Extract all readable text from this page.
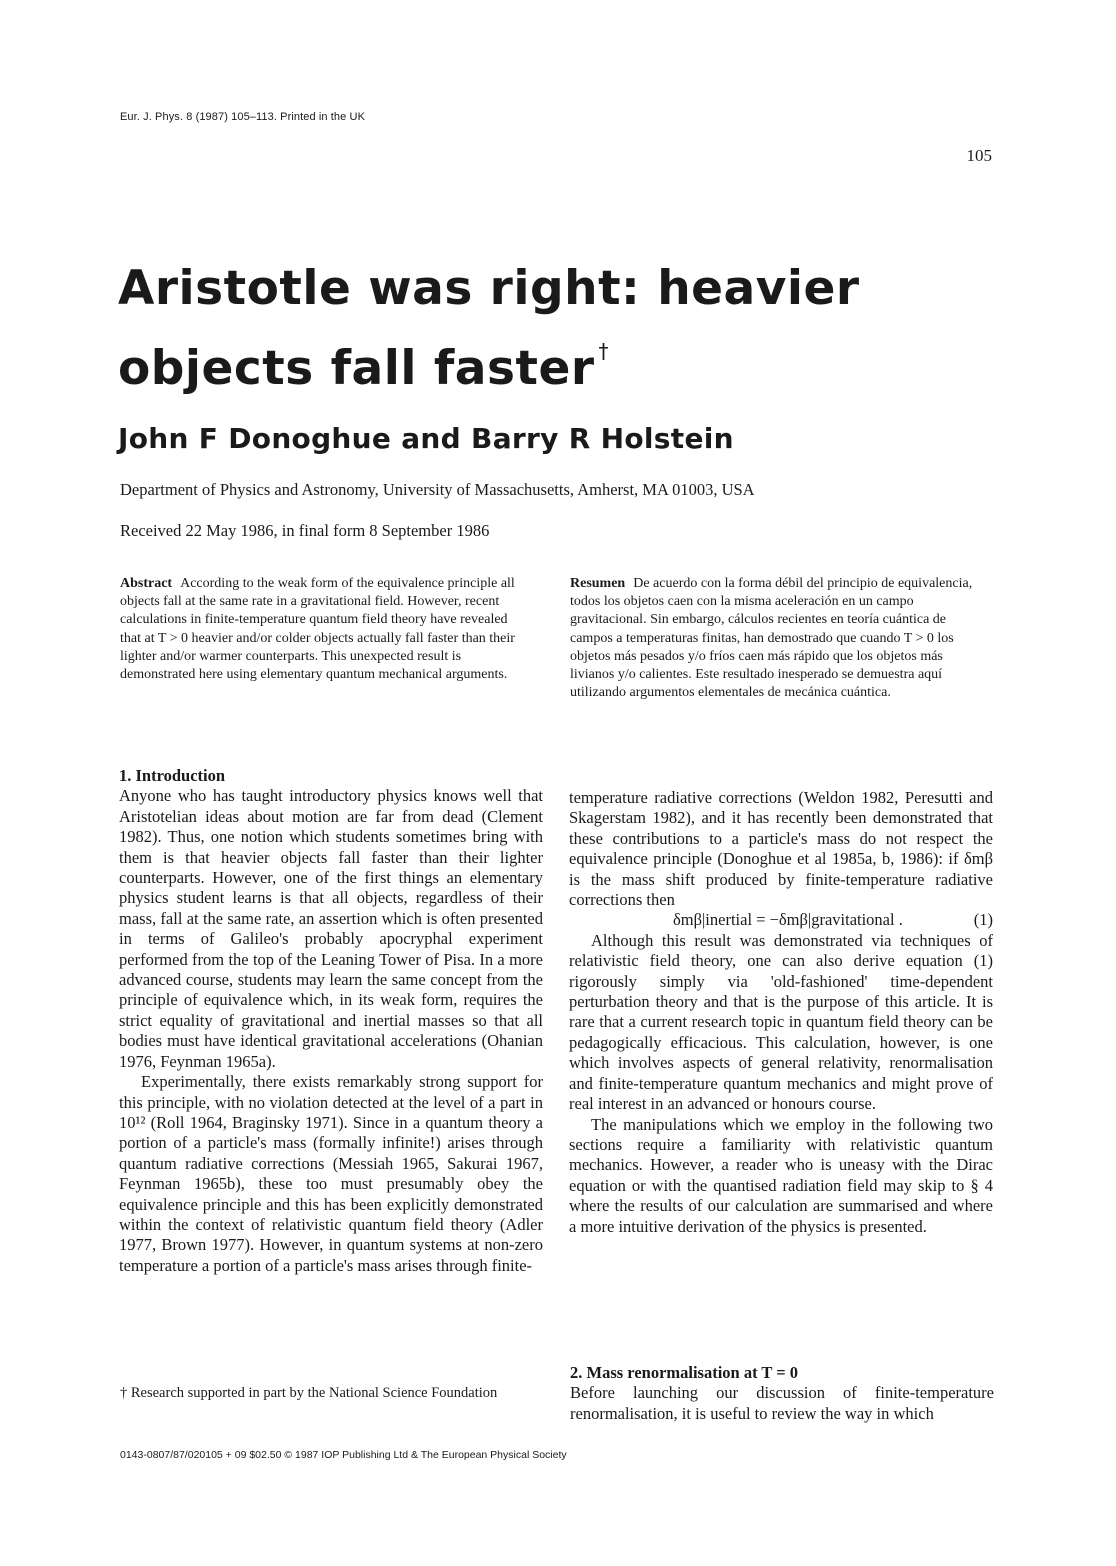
Eur. J. Phys. 8 (1987) 105–113. Printed in the UK
105
Aristotle was right: heavier objects fall faster †
John F Donoghue and Barry R Holstein
Department of Physics and Astronomy, University of Massachusetts, Amherst, MA 01003, USA
Received 22 May 1986, in final form 8 September 1986
Abstract According to the weak form of the equivalence principle all objects fall at the same rate in a gravitational field. However, recent calculations in finite-temperature quantum field theory have revealed that at T > 0 heavier and/or colder objects actually fall faster than their lighter and/or warmer counterparts. This unexpected result is demonstrated here using elementary quantum mechanical arguments.
Resumen De acuerdo con la forma débil del principio de equivalencia, todos los objetos caen con la misma aceleración en un campo gravitacional. Sin embargo, cálculos recientes en teoría cuántica de campos a temperaturas finitas, han demostrado que cuando T > 0 los objetos más pesados y/o fríos caen más rápido que los objetos más livianos y/o calientes. Este resultado inesperado se demuestra aquí utilizando argumentos elementales de mecánica cuántica.
1. Introduction

Anyone who has taught introductory physics knows well that Aristotelian ideas about motion are far from dead (Clement 1982). Thus, one notion which students sometimes bring with them is that heavier objects fall faster than their lighter counterparts. However, one of the first things an elementary physics student learns is that all objects, regardless of their mass, fall at the same rate, an assertion which is often presented in terms of Galileo's probably apocryphal experiment performed from the top of the Leaning Tower of Pisa. In a more advanced course, students may learn the same concept from the principle of equivalence which, in its weak form, requires the strict equality of gravitational and inertial masses so that all bodies must have identical gravitational accelerations (Ohanian 1976, Feynman 1965a).

Experimentally, there exists remarkably strong support for this principle, with no violation detected at the level of a part in 10¹² (Roll 1964, Braginsky 1971). Since in a quantum theory a portion of a particle's mass (formally infinite!) arises through quantum radiative corrections (Messiah 1965, Sakurai 1967, Feynman 1965b), these too must presumably obey the equivalence principle and this has been explicitly demonstrated within the context of relativistic quantum field theory (Adler 1977, Brown 1977). However, in quantum systems at non-zero temperature a portion of a particle's mass arises through finite-

temperature radiative corrections (Weldon 1982, Peresutti and Skagerstam 1982), and it has recently been demonstrated that these contributions to a particle's mass do not respect the equivalence principle (Donoghue et al 1985a, b, 1986): if δmβ is the mass shift produced by finite-temperature radiative corrections then

δmβ|inertial = −δmβ|gravitational .	(1)

Although this result was demonstrated via techniques of relativistic field theory, one can also derive equation (1) rigorously simply via 'old-fashioned' time-dependent perturbation theory and that is the purpose of this article. It is rare that a current research topic in quantum field theory can be pedagogically efficacious. This calculation, however, is one which involves aspects of general relativity, renormalisation and finite-temperature quantum mechanics and might prove of real interest in an advanced or honours course.

The manipulations which we employ in the following two sections require a familiarity with relativistic quantum mechanics. However, a reader who is uneasy with the Dirac equation or with the quantised radiation field may skip to § 4 where the results of our calculation are summarised and where a more intuitive derivation of the physics is presented.

2. Mass renormalisation at T = 0

Before launching our discussion of finite-temperature renormalisation, it is useful to review the way in which

† Research supported in part by the National Science Foundation
0143-0807/87/020105 + 09 $02.50 © 1987 IOP Publishing Ltd & The European Physical Society
